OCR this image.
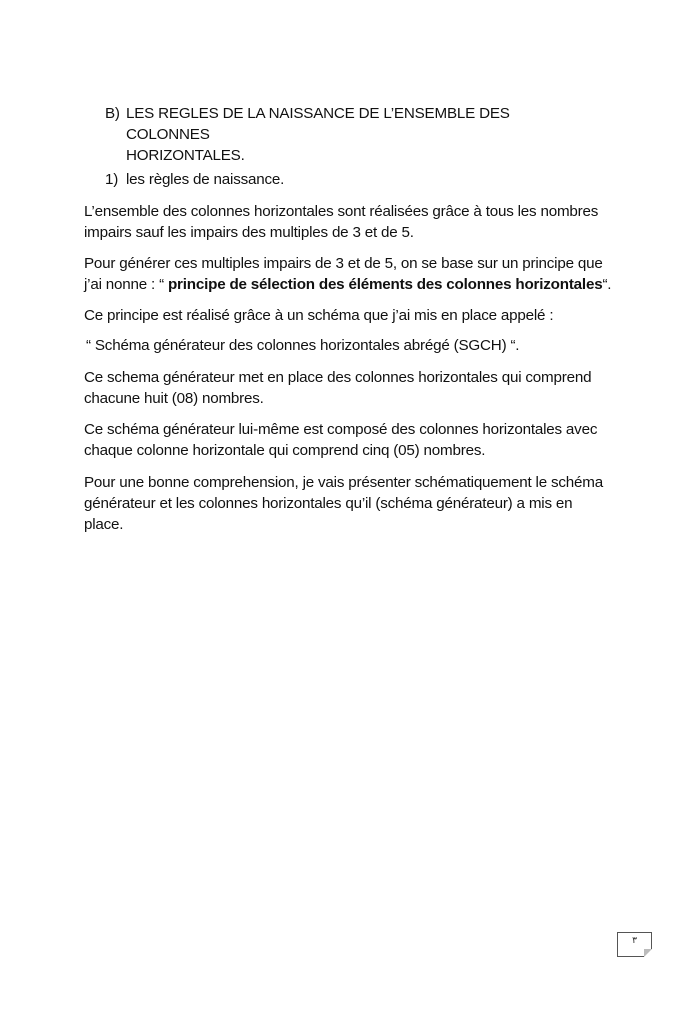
B) LES REGLES DE LA NAISSANCE DE L’ENSEMBLE DES COLONNES
HORIZONTALES.
1) les règles de naissance.
L’ensemble des colonnes horizontales sont réalisées grâce à tous les nombres
impairs sauf les impairs des multiples de 3 et de 5.
Pour générer ces multiples impairs de 3 et de 5, on se base sur un principe que
j’ai nonne : “ principe de sélection des éléments des colonnes horizontales“.
Ce principe est réalisé grâce à un schéma que j’ai mis en place appelé :
“ Schéma générateur des colonnes horizontales abrégé (SGCH) “.
Ce schema générateur met en place des colonnes horizontales qui comprend
chacune huit (08) nombres.
Ce schéma générateur lui-même est composé des colonnes horizontales avec
chaque colonne horizontale qui comprend cinq (05) nombres.
Pour une bonne comprehension, je vais présenter schématiquement le schéma
générateur et les colonnes horizontales qu’il (schéma générateur) a mis en
place.
٣
